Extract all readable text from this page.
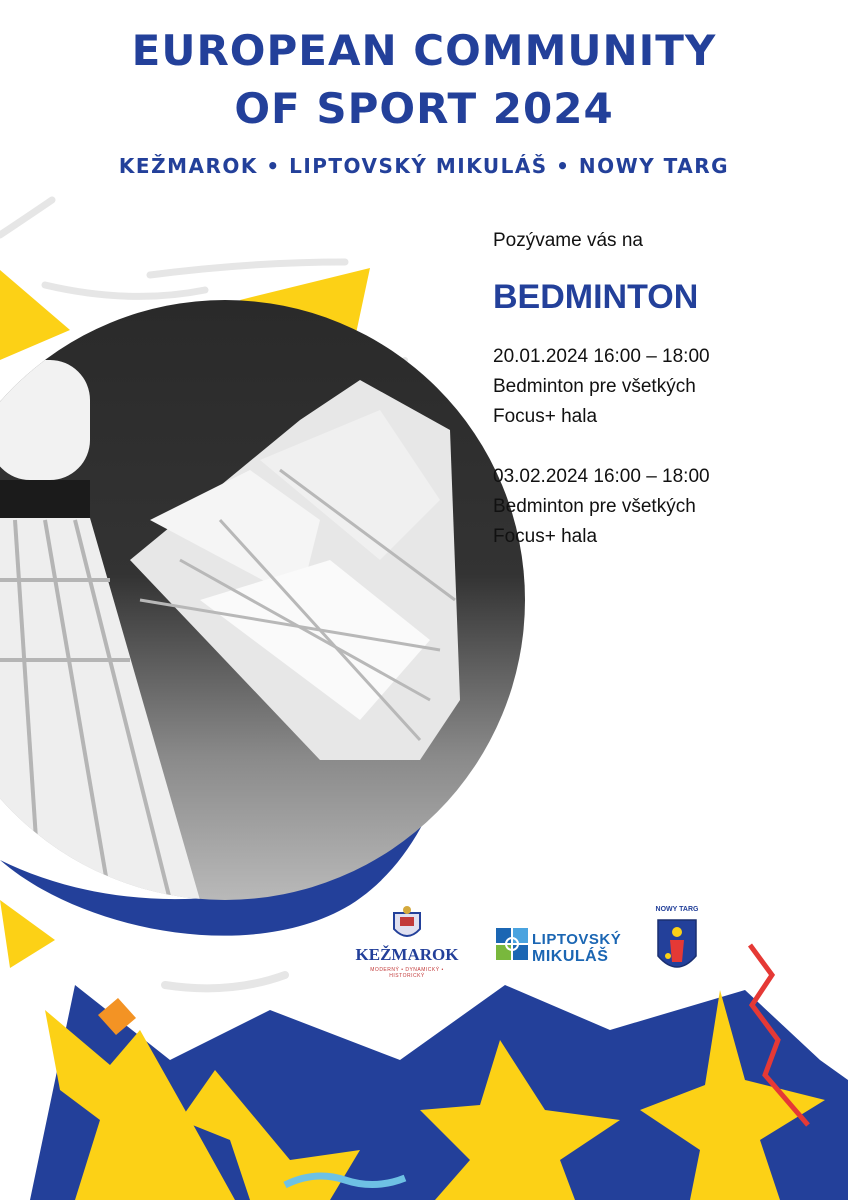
EUROPEAN COMMUNITY
OF SPORT 2024
KEŽMAROK • LIPTOVSKÝ MIKULÁŠ • NOWY TARG
Pozývame vás na
BEDMINTON
20.01.2024 16:00 – 18:00
Bedminton pre všetkých
Focus+ hala
03.02.2024 16:00 – 18:00
Bedminton pre všetkých
Focus+ hala
KEŽMAROK
MODERNÝ • DYNAMICKÝ • HISTORICKÝ
LIPTOVSKÝ
MIKULÁŠ
NOWY TARG
